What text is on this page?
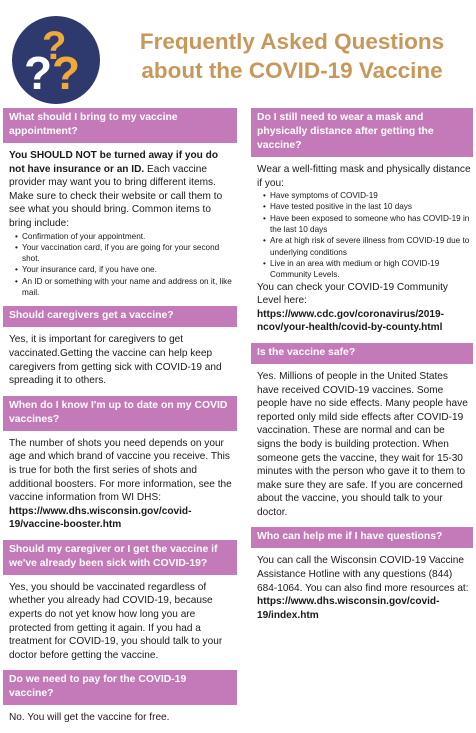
?
? ?
Frequently Asked Questions
about the COVID-19 Vaccine
What should I bring to my vaccine appointment?
You SHOULD NOT be turned away if you do not have insurance or an ID. Each vaccine provider may want you to bring different items. Make sure to check their website or call them to see what you should bring. Common items to bring include:
• Confirmation of your appointment.
• Your vaccination card, if you are going for your second shot.
• Your insurance card, if you have one.
• An ID or something with your name and address on it, like mail.
Should caregivers get a vaccine?
Yes, it is important for caregivers to get vaccinated.Getting the vaccine can help keep caregivers from getting sick with COVID-19 and spreading it to others.
When do I know I'm up to date on my COVID vaccines?
The number of shots you need depends on your age and which brand of vaccine you receive. This is true for both the first series of shots and additional boosters. For more information, see the vaccine information from WI DHS: https://www.dhs.wisconsin.gov/covid-19/vaccine-booster.htm
Should my caregiver or I get the vaccine if we've already been sick with COVID-19?
Yes, you should be vaccinated regardless of whether you already had COVID-19, because experts do not yet know how long you are protected from getting it again. If you had a treatment for COVID-19, you should talk to your doctor before getting the vaccine.
Do we need to pay for the COVID-19 vaccine?
No. You will get the vaccine for free.
Do I still need to wear a mask and physically distance after getting the vaccine?
Wear a well-fitting mask and physically distance if you:
• Have symptoms of COVID-19
• Have tested positive in the last 10 days
• Have been exposed to someone who has COVID-19 in the last 10 days
• Are at high risk of severe illness from COVID-19 due to underlying conditions
• Live in an area with medium or high COVID-19 Community Levels.
You can check your COVID-19 Community Level here: https://www.cdc.gov/coronavirus/2019-ncov/your-health/covid-by-county.html
Is the vaccine safe?
Yes. Millions of people in the United States have received COVID-19 vaccines. Some people have no side effects. Many people have reported only mild side effects after COVID-19 vaccination. These are normal and can be signs the body is building protection. When someone gets the vaccine, they wait for 15-30 minutes with the person who gave it to them to make sure they are safe. If you are concerned about the vaccine, you should talk to your doctor.
Who can help me if I have questions?
You can call the Wisconsin COVID-19 Vaccine Assistance Hotline with any questions (844) 684-1064. You can also find more resources at: https://www.dhs.wisconsin.gov/covid-19/index.htm
